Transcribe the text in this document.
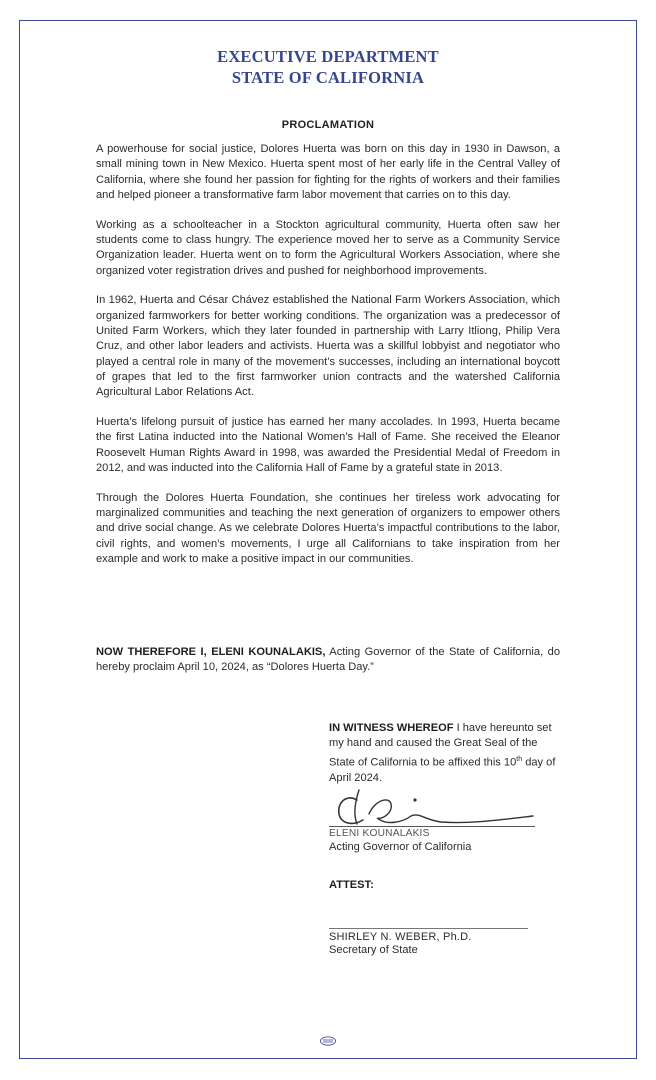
EXECUTIVE DEPARTMENT
STATE OF CALIFORNIA
PROCLAMATION

A powerhouse for social justice, Dolores Huerta was born on this day in 1930 in Dawson, a small mining town in New Mexico. Huerta spent most of her early life in the Central Valley of California, where she found her passion for fighting for the rights of workers and their families and helped pioneer a transformative farm labor movement that carries on to this day.

Working as a schoolteacher in a Stockton agricultural community, Huerta often saw her students come to class hungry. The experience moved her to serve as a Community Service Organization leader. Huerta went on to form the Agricultural Workers Association, where she organized voter registration drives and pushed for neighborhood improvements.

In 1962, Huerta and César Chávez established the National Farm Workers Association, which organized farmworkers for better working conditions. The organization was a predecessor of United Farm Workers, which they later founded in partnership with Larry Itliong, Philip Vera Cruz, and other labor leaders and activists. Huerta was a skillful lobbyist and negotiator who played a central role in many of the movement’s successes, including an international boycott of grapes that led to the first farmworker union contracts and the watershed California Agricultural Labor Relations Act.

Huerta’s lifelong pursuit of justice has earned her many accolades. In 1993, Huerta became the first Latina inducted into the National Women’s Hall of Fame. She received the Eleanor Roosevelt Human Rights Award in 1998, was awarded the Presidential Medal of Freedom in 2012, and was inducted into the California Hall of Fame by a grateful state in 2013.

Through the Dolores Huerta Foundation, she continues her tireless work advocating for marginalized communities and teaching the next generation of organizers to empower others and drive social change. As we celebrate Dolores Huerta’s impactful contributions to the labor, civil rights, and women’s movements, I urge all Californians to take inspiration from her example and work to make a positive impact in our communities.

NOW THEREFORE I, ELENI KOUNALAKIS, Acting Governor of the State of California, do hereby proclaim April 10, 2024, as “Dolores Huerta Day.”
IN WITNESS WHEREOF I have hereunto set my hand and caused the Great Seal of the State of California to be affixed this 10th day of April 2024.
ELENI KOUNALAKIS
Acting Governor of California
ATTEST:
SHIRLEY N. WEBER, Ph.D.
Secretary of State
